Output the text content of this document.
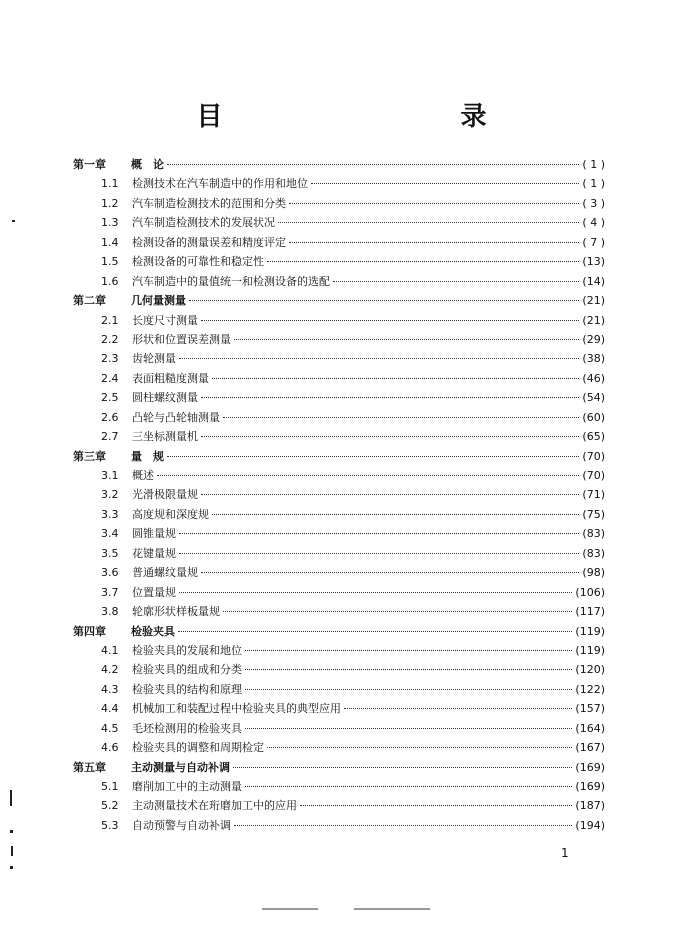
目　　录
第一章	概　论	( 1 )
1.1	检测技术在汽车制造中的作用和地位	( 1 )
1.2	汽车制造检测技术的范围和分类	( 3 )
1.3	汽车制造检测技术的发展状况	( 4 )
1.4	检测设备的测量误差和精度评定	( 7 )
1.5	检测设备的可靠性和稳定性	(13)
1.6	汽车制造中的量值统一和检测设备的选配	(14)
第二章	几何量测量	(21)
2.1	长度尺寸测量	(21)
2.2	形状和位置误差测量	(29)
2.3	齿轮测量	(38)
2.4	表面粗糙度测量	(46)
2.5	圆柱螺纹测量	(54)
2.6	凸轮与凸轮轴测量	(60)
2.7	三坐标测量机	(65)
第三章	量　规	(70)
3.1	概述	(70)
3.2	光滑极限量规	(71)
3.3	高度规和深度规	(75)
3.4	圆锥量规	(83)
3.5	花键量规	(83)
3.6	普通螺纹量规	(98)
3.7	位置量规	(106)
3.8	轮廓形状样板量规	(117)
第四章	检验夹具	(119)
4.1	检验夹具的发展和地位	(119)
4.2	检验夹具的组成和分类	(120)
4.3	检验夹具的结构和原理	(122)
4.4	机械加工和装配过程中检验夹具的典型应用	(157)
4.5	毛坯检测用的检验夹具	(164)
4.6	检验夹具的调整和周期检定	(167)
第五章	主动测量与自动补调	(169)
5.1	磨削加工中的主动测量	(169)
5.2	主动测量技术在珩磨加工中的应用	(187)
5.3	自动预警与自动补调	(194)
1
